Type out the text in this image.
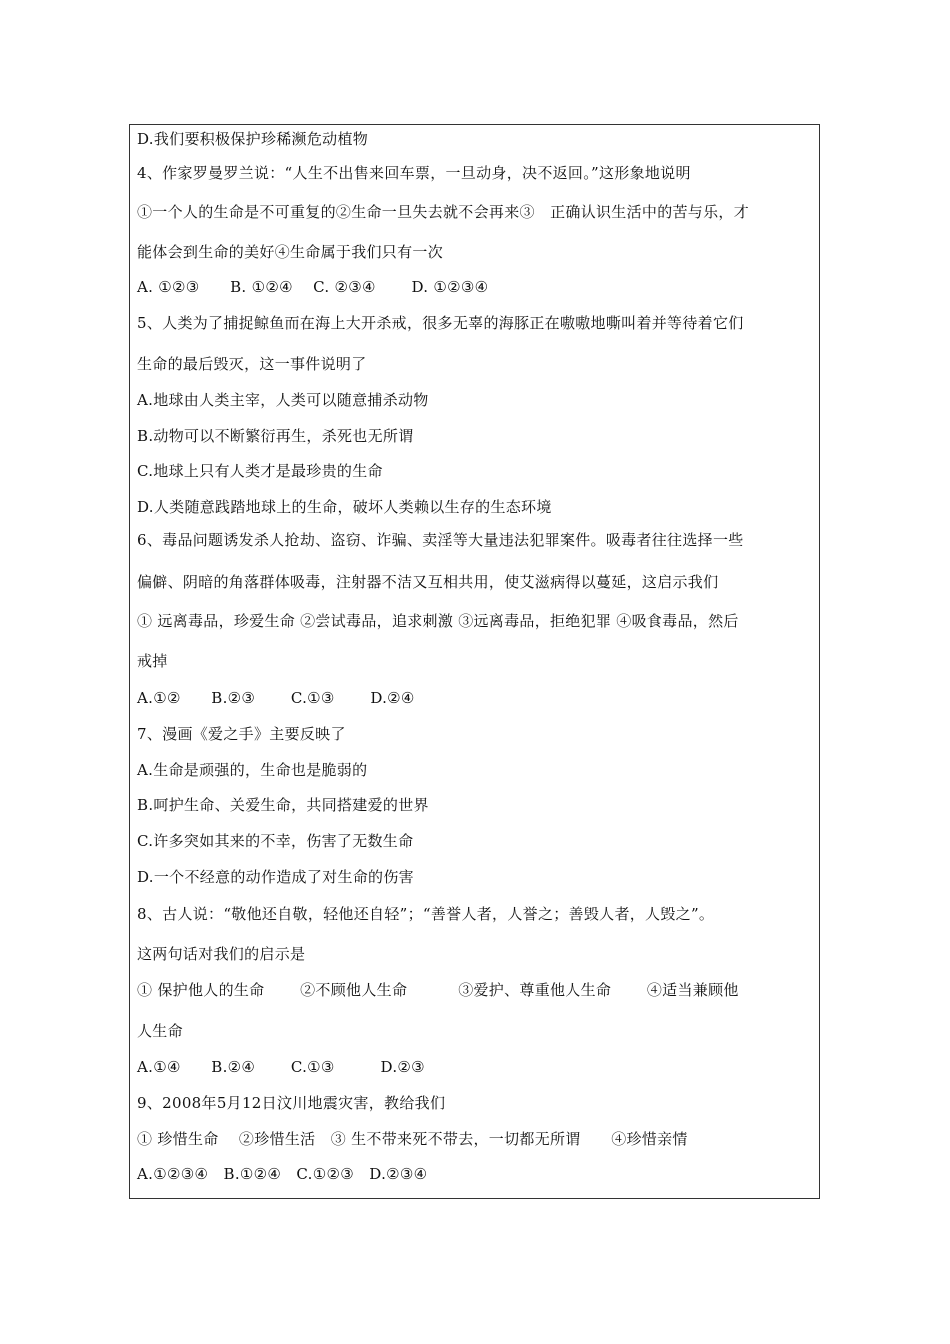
D.我们要积极保护珍稀濒危动植物
4、作家罗曼罗兰说：“人生不出售来回车票，一旦动身，决不返回。”这形象地说明
①一个人的生命是不可重复的②生命一旦失去就不会再来③　正确认识生活中的苦与乐，才
能体会到生命的美好④生命属于我们只有一次
A. ①②③　　B. ①②④　 C. ②③④　　 D. ①②③④
5、人类为了捕捉鲸鱼而在海上大开杀戒，很多无辜的海豚正在嗷嗷地嘶叫着并等待着它们
生命的最后毁灭，这一事件说明了
A.地球由人类主宰，人类可以随意捕杀动物
B.动物可以不断繁衍再生，杀死也无所谓
C.地球上只有人类才是最珍贵的生命
D.人类随意践踏地球上的生命，破坏人类赖以生存的生态环境
6、毒品问题诱发杀人抢劫、盗窃、诈骗、卖淫等大量违法犯罪案件。吸毒者往往选择一些
偏僻、阴暗的角落群体吸毒，注射器不洁又互相共用，使艾滋病得以蔓延，这启示我们
① 远离毒品，珍爱生命 ②尝试毒品，追求刺激 ③远离毒品，拒绝犯罪 ④吸食毒品，然后
戒掉
A.①②　　B.②③　　 C.①③　　 D.②④
7、漫画《爱之手》主要反映了
A.生命是顽强的，生命也是脆弱的
B.呵护生命、关爱生命，共同搭建爱的世界
C.许多突如其来的不幸，伤害了无数生命
D.一个不经意的动作造成了对生命的伤害
8、古人说：“敬他还自敬，轻他还自轻”；“善誉人者，人誉之；善毁人者，人毁之”。
这两句话对我们的启示是
① 保护他人的生命　　 ②不顾他人生命　　　 ③爱护、尊重他人生命　　 ④适当兼顾他
人生命
A.①④　　B.②④　　 C.①③　　　D.②③
9、2008年5月12日汶川地震灾害，教给我们
① 珍惜生命　 ②珍惜生活　③ 生不带来死不带去，一切都无所谓　　④珍惜亲情
A.①②③④　B.①②④　C.①②③　D.②③④
